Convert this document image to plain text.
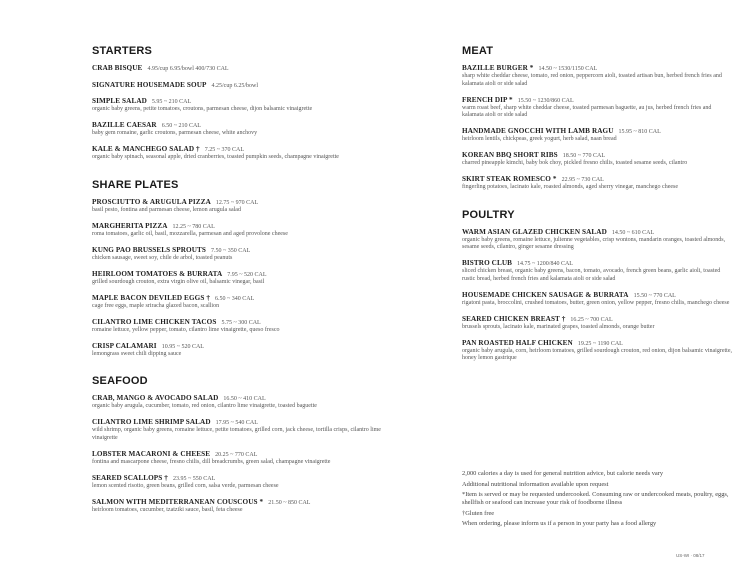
STARTERS
CRAB BISQUE 4.95/cup 6.95/bowl 400/730 CAL
SIGNATURE HOUSEMADE SOUP 4.25/cup 6.25/bowl
SIMPLE SALAD 5.95 ~ 210 CAL
organic baby greens, petite tomatoes, croutons, parmesan cheese, dijon balsamic vinaigrette
BAZILLE CAESAR 6.50 ~ 210 CAL
baby gem romaine, garlic croutons, parmesan cheese, white anchovy
KALE & MANCHEGO SALAD † 7.25 ~ 370 CAL
organic baby spinach, seasonal apple, dried cranberries, toasted pumpkin seeds, champagne vinaigrette
SHARE PLATES
PROSCIUTTO & ARUGULA PIZZA 12.75 ~ 970 CAL
basil pesto, fontina and parmesan cheese, lemon arugula salad
MARGHERITA PIZZA 12.25 ~ 780 CAL
roma tomatoes, garlic oil, basil, mozzarella, parmesan and aged provolone cheese
KUNG PAO BRUSSELS SPROUTS 7.50 ~ 350 CAL
chicken sausage, sweet soy, chile de arbol, toasted peanuts
HEIRLOOM TOMATOES & BURRATA 7.95 ~ 520 CAL
grilled sourdough crouton, extra virgin olive oil, balsamic vinegar, basil
MAPLE BACON DEVILED EGGS † 6.50 ~ 340 CAL
cage free eggs, maple sriracha glazed bacon, scallion
CILANTRO LIME CHICKEN TACOS 5.75 ~ 300 CAL
romaine lettuce, yellow pepper, tomato, cilantro lime vinaigrette, queso fresco
CRISP CALAMARI 10.95 ~ 520 CAL
lemongrass sweet chili dipping sauce
SEAFOOD
CRAB, MANGO & AVOCADO SALAD 16.50 ~ 410 CAL
organic baby arugula, cucumber, tomato, red onion, cilantro lime vinaigrette, toasted baguette
CILANTRO LIME SHRIMP SALAD 17.95 ~ 540 CAL
wild shrimp, organic baby greens, romaine lettuce, petite tomatoes, grilled corn, jack cheese, tortilla crisps, cilantro lime vinaigrette
LOBSTER MACARONI & CHEESE 20.25 ~ 770 CAL
fontina and mascarpone cheese, fresno chilis, dill breadcrumbs, green salad, champagne vinaigrette
SEARED SCALLOPS † 23.95 ~ 550 CAL
lemon scented risotto, green beans, grilled corn, salsa verde, parmesan cheese
SALMON WITH MEDITERRANEAN COUSCOUS * 21.50 ~ 850 CAL
heirloom tomatoes, cucumber, tzatziki sauce, basil, feta cheese
MEAT
BAZILLE BURGER * 14.50 ~ 1530/1150 CAL
sharp white cheddar cheese, tomato, red onion, peppercorn aioli, toasted artisan bun, herbed french fries and kalamata aioli or side salad
FRENCH DIP * 15.50 ~ 1230/860 CAL
warm roast beef, sharp white cheddar cheese, toasted parmesan baguette, au jus, herbed french fries and kalamata aioli or side salad
HANDMADE GNOCCHI WITH LAMB RAGU 15.95 ~ 810 CAL
heirloom lentils, chickpeas, greek yogurt, herb salad, naan bread
KOREAN BBQ SHORT RIBS 18.50 ~ 770 CAL
charred pineapple kimchi, baby bok choy, pickled fresno chilis, toasted sesame seeds, cilantro
SKIRT STEAK ROMESCO * 22.95 ~ 730 CAL
fingerling potatoes, lacinato kale, roasted almonds, aged sherry vinegar, manchego cheese
POULTRY
WARM ASIAN GLAZED CHICKEN SALAD 14.50 ~ 610 CAL
organic baby greens, romaine lettuce, julienne vegetables, crisp wontons, mandarin oranges, toasted almonds, sesame seeds, cilantro, ginger sesame dressing
BISTRO CLUB 14.75 ~ 1200/840 CAL
sliced chicken breast, organic baby greens, bacon, tomato, avocado, french green beans, garlic aioli, toasted rustic bread, herbed french fries and kalamata aioli or side salad
HOUSEMADE CHICKEN SAUSAGE & BURRATA 15.50 ~ 770 CAL
rigatoni pasta, broccolini, crushed tomatoes, butter, green onion, yellow pepper, fresno chilis, manchego cheese
SEARED CHICKEN BREAST † 16.25 ~ 700 CAL
brussels sprouts, lacinato kale, marinated grapes, toasted almonds, orange butter
PAN ROASTED HALF CHICKEN 19.25 ~ 1190 CAL
organic baby arugula, corn, heirloom tomatoes, grilled sourdough crouton, red onion, dijon balsamic vinaigrette, honey lemon gastrique

2,000 calories a day is used for general nutrition advice, but calorie needs vary

Additional nutritional information available upon request

*Item is served or may be requested undercooked. Consuming raw or undercooked meats, poultry, eggs, shellfish or seafood can increase your risk of foodborne illness

†Gluten free

When ordering, please inform us if a person in your party has a food allergy

US-WI · 08/17
